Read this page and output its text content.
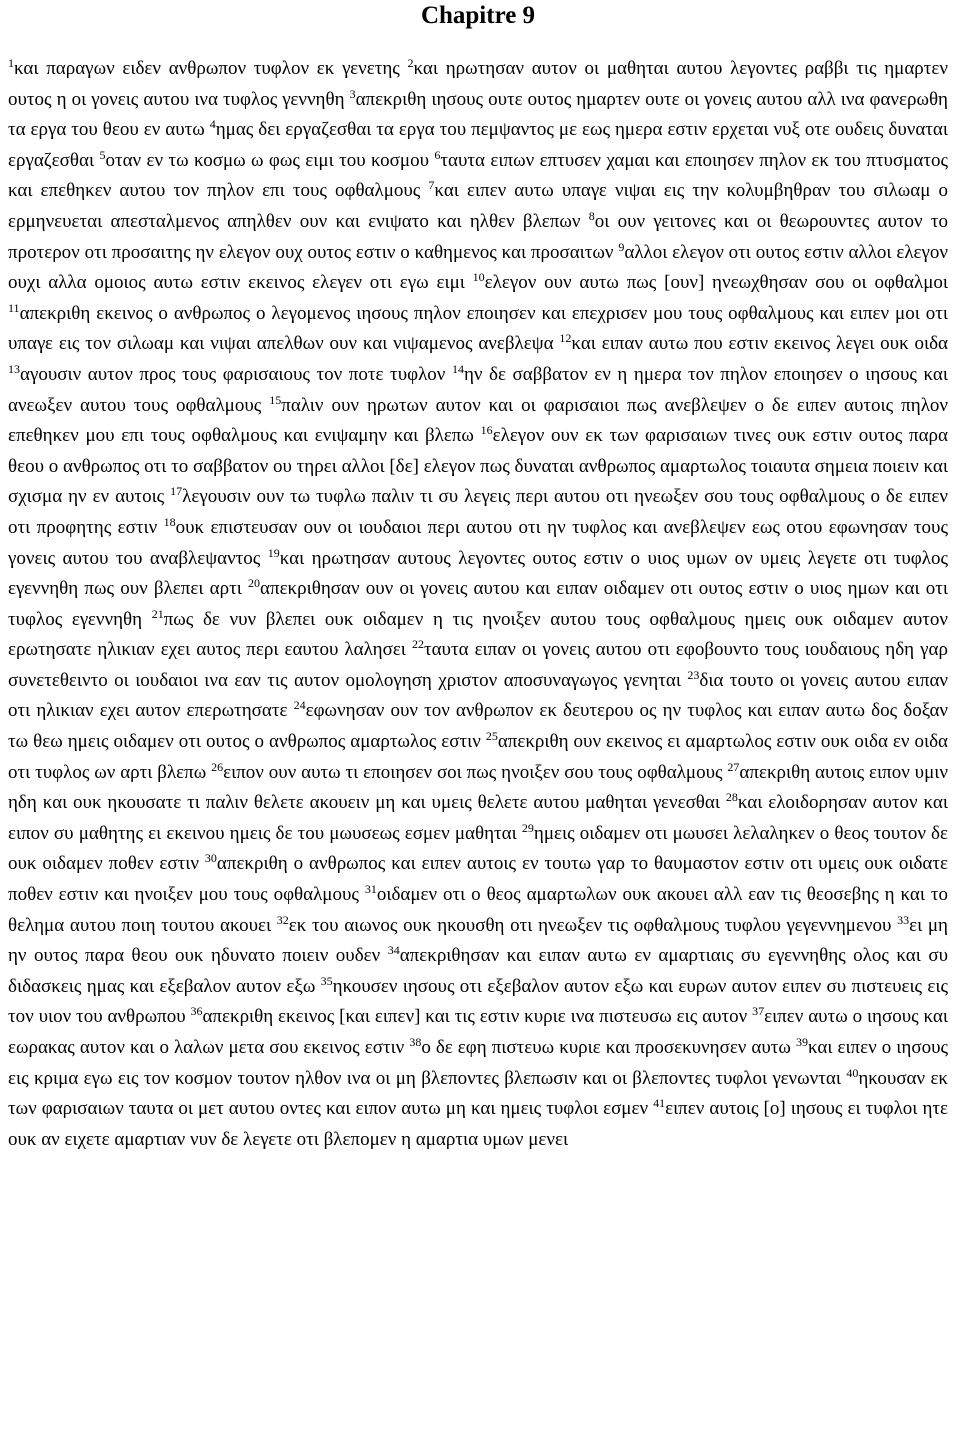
Chapitre 9
$^1$και παραγων ειδεν ανθρωπον τυφλον εκ γενετης $^2$και ηρωτησαν αυτον οι μαθηται αυτου λεγοντες ραββι τις ημαρτεν ουτος η οι γονεις αυτου ινα τυφλος γεννηθη $^3$απεκριθη ιησους ουτε ουτος ημαρτεν ουτε οι γονεις αυτου αλλ ινα φανερωθη τα εργα του θεου εν αυτω $^4$ημας δει εργαζεσθαι τα εργα του πεμψαντος με εως ημερα εστιν ερχεται νυξ οτε ουδεις δυναται εργαζεσθαι $^5$οταν εν τω κοσμω ω φως ειμι του κοσμου $^6$ταυτα ειπων επτυσεν χαμαι και εποιησεν πηλον εκ του πτυσματος και επεθηκεν αυτου τον πηλον επι τους οφθαλμους $^7$και ειπεν αυτω υπαγε νιψαι εις την κολυμβηθραν του σιλωαμ ο ερμηνευεται απεσταλμενος απηλθεν ουν και ενιψατο και ηλθεν βλεπων $^8$οι ουν γειτονες και οι θεωρουντες αυτον το προτερον οτι προσαιτης ην ελεγον ουχ ουτος εστιν ο καθημενος και προσαιτων $^9$αλλοι ελεγον οτι ουτος εστιν αλλοι ελεγον ουχι αλλα ομοιος αυτω εστιν εκεινος ελεγεν οτι εγω ειμι $^{10}$ελεγον ουν αυτω πως [ουν] ηνεωχθησαν σου οι οφθαλμοι $^{11}$απεκριθη εκεινος ο ανθρωπος ο λεγομενος ιησους πηλον εποιησεν και επεχρισεν μου τους οφθαλμους και ειπεν μοι οτι υπαγε εις τον σιλωαμ και νιψαι απελθων ουν και νιψαμενος ανεβλεψα $^{12}$και ειπαν αυτω που εστιν εκεινος λεγει ουκ οιδα $^{13}$αγουσιν αυτον προς τους φαρισαιους τον ποτε τυφλον $^{14}$ην δε σαββατον εν η ημερα τον πηλον εποιησεν ο ιησους και ανεωξεν αυτου τους οφθαλμους $^{15}$παλιν ουν ηρωτων αυτον και οι φαρισαιοι πως ανεβλεψεν ο δε ειπεν αυτοις πηλον επεθηκεν μου επι τους οφθαλμους και ενιψαμην και βλεπω $^{16}$ελεγον ουν εκ των φαρισαιων τινες ουκ εστιν ουτος παρα θεου ο ανθρωπος οτι το σαββατον ου τηρει αλλοι [δε] ελεγον πως δυναται ανθρωπος αμαρτωλος τοιαυτα σημεια ποιειν και σχισμα ην εν αυτοις $^{17}$λεγουσιν ουν τω τυφλω παλιν τι συ λεγεις περι αυτου οτι ηνεωξεν σου τους οφθαλμους ο δε ειπεν οτι προφητης εστιν $^{18}$ουκ επιστευσαν ουν οι ιουδαιοι περι αυτου οτι ην τυφλος και ανεβλεψεν εως οτου εφωνησαν τους γονεις αυτου του αναβλεψαντος $^{19}$και ηρωτησαν αυτους λεγοντες ουτος εστιν ο υιος υμων ον υμεις λεγετε οτι τυφλος εγεννηθη πως ουν βλεπει αρτι $^{20}$απεκριθησαν ουν οι γονεις αυτου και ειπαν οιδαμεν οτι ουτος εστιν ο υιος ημων και οτι τυφλος εγεννηθη $^{21}$πως δε νυν βλεπει ουκ οιδαμεν η τις ηνοιξεν αυτου τους οφθαλμους ημεις ουκ οιδαμεν αυτον ερωτησατε ηλικιαν εχει αυτος περι εαυτου λαλησει $^{22}$ταυτα ειπαν οι γονεις αυτου οτι εφοβουντο τους ιουδαιους ηδη γαρ συνετεθειντο οι ιουδαιοι ινα εαν τις αυτον ομολογηση χριστον αποσυναγωγος γενηται $^{23}$δια τουτο οι γονεις αυτου ειπαν οτι ηλικιαν εχει αυτον επερωτησατε $^{24}$εφωνησαν ουν τον ανθρωπον εκ δευτερου ος ην τυφλος και ειπαν αυτω δος δοξαν τω θεω ημεις οιδαμεν οτι ουτος ο ανθρωπος αμαρτωλος εστιν $^{25}$απεκριθη ουν εκεινος ει αμαρτωλος εστιν ουκ οιδα εν οιδα οτι τυφλος ων αρτι βλεπω $^{26}$ειπον ουν αυτω τι εποιησεν σοι πως ηνοιξεν σου τους οφθαλμους $^{27}$απεκριθη αυτοις ειπον υμιν ηδη και ουκ ηκουσατε τι παλιν θελετε ακουειν μη και υμεις θελετε αυτου μαθηται γενεσθαι $^{28}$και ελοιδορησαν αυτον και ειπον συ μαθητης ει εκεινου ημεις δε του μωυσεως εσμεν μαθηται $^{29}$ημεις οιδαμεν οτι μωυσει λελαληκεν ο θεος τουτον δε ουκ οιδαμεν ποθεν εστιν $^{30}$απεκριθη ο ανθρωπος και ειπεν αυτοις εν τουτω γαρ το θαυμαστον εστιν οτι υμεις ουκ οιδατε ποθεν εστιν και ηνοιξεν μου τους οφθαλμους $^{31}$οιδαμεν οτι ο θεος αμαρτωλων ουκ ακουει αλλ εαν τις θεοσεβης η και το θελημα αυτου ποιη τουτου ακουει $^{32}$εκ του αιωνος ουκ ηκουσθη οτι ηνεωξεν τις οφθαλμους τυφλου γεγεννημενου $^{33}$ει μη ην ουτος παρα θεου ουκ ηδυνατο ποιειν ουδεν $^{34}$απεκριθησαν και ειπαν αυτω εν αμαρτιαις συ εγεννηθης ολος και συ διδασκεις ημας και εξεβαλον αυτον εξω $^{35}$ηκουσεν ιησους οτι εξεβαλον αυτον εξω και ευρων αυτον ειπεν συ πιστευεις εις τον υιον του ανθρωπου $^{36}$απεκριθη εκεινος [και ειπεν] και τις εστιν κυριε ινα πιστευσω εις αυτον $^{37}$ειπεν αυτω ο ιησους και εωρακας αυτον και ο λαλων μετα σου εκεινος εστιν $^{38}$ο δε εφη πιστευω κυριε και προσεκυνησεν αυτω $^{39}$και ειπεν ο ιησους εις κριμα εγω εις τον κοσμον τουτον ηλθον ινα οι μη βλεποντες βλεπωσιν και οι βλεποντες τυφλοι γενωνται $^{40}$ηκουσαν εκ των φαρισαιων ταυτα οι μετ αυτου οντες και ειπον αυτω μη και ημεις τυφλοι εσμεν $^{41}$ειπεν αυτοις [ο] ιησους ει τυφλοι ητε ουκ αν ειχετε αμαρτιαν νυν δε λεγετε οτι βλεπομεν η αμαρτια υμων μενει
